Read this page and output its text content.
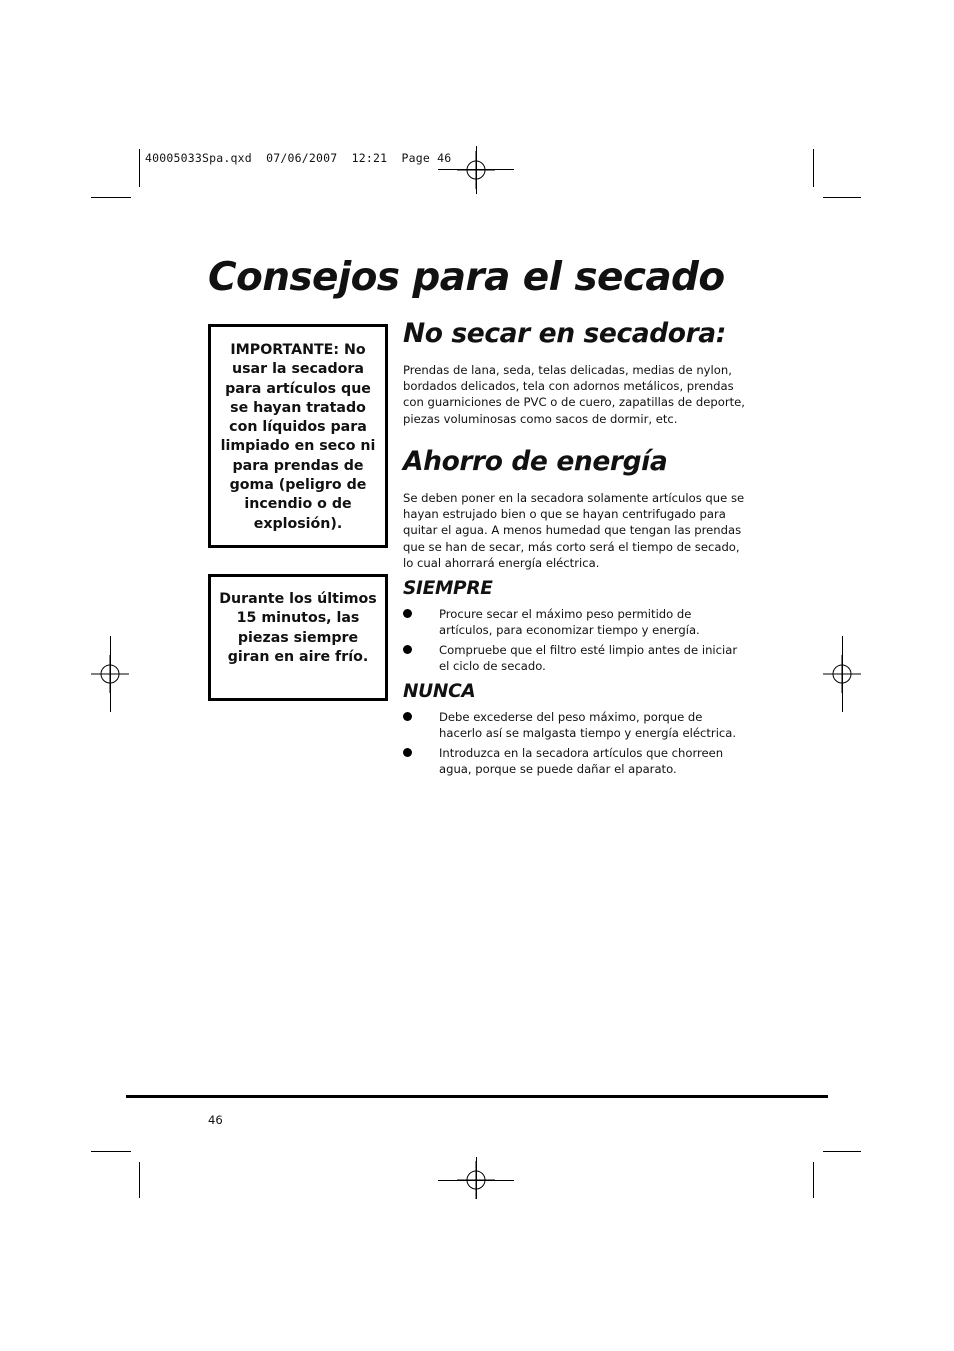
40005033Spa.qxd  07/06/2007  12:21  Page 46
Consejos para el secado
IMPORTANTE: No usar la secadora para artículos que se hayan tratado con líquidos para limpiado en seco ni para prendas de goma (peligro de incendio o de explosión).
Durante los últimos 15 minutos, las piezas siempre giran en aire frío.
No secar en secadora:

Prendas de lana, seda, telas delicadas, medias de nylon, bordados delicados, tela con adornos metálicos, prendas con guarniciones de PVC o de cuero, zapatillas de deporte, piezas voluminosas como sacos de dormir, etc.

Ahorro de energía

Se deben poner en la secadora solamente artículos que se hayan estrujado bien o que se hayan centrifugado para quitar el agua. A menos humedad que tengan las prendas que se han de secar, más corto será el tiempo de secado, lo cual ahorrará energía eléctrica.

SIEMPRE
Procure secar el máximo peso permitido de artículos, para economizar tiempo y energía.
Compruebe que el filtro esté limpio antes de iniciar el ciclo de secado.
NUNCA
Debe excederse del peso máximo, porque de hacerlo así se malgasta tiempo y energía eléctrica.
Introduzca en la secadora artículos que chorreen agua, porque se puede dañar el aparato.
46
